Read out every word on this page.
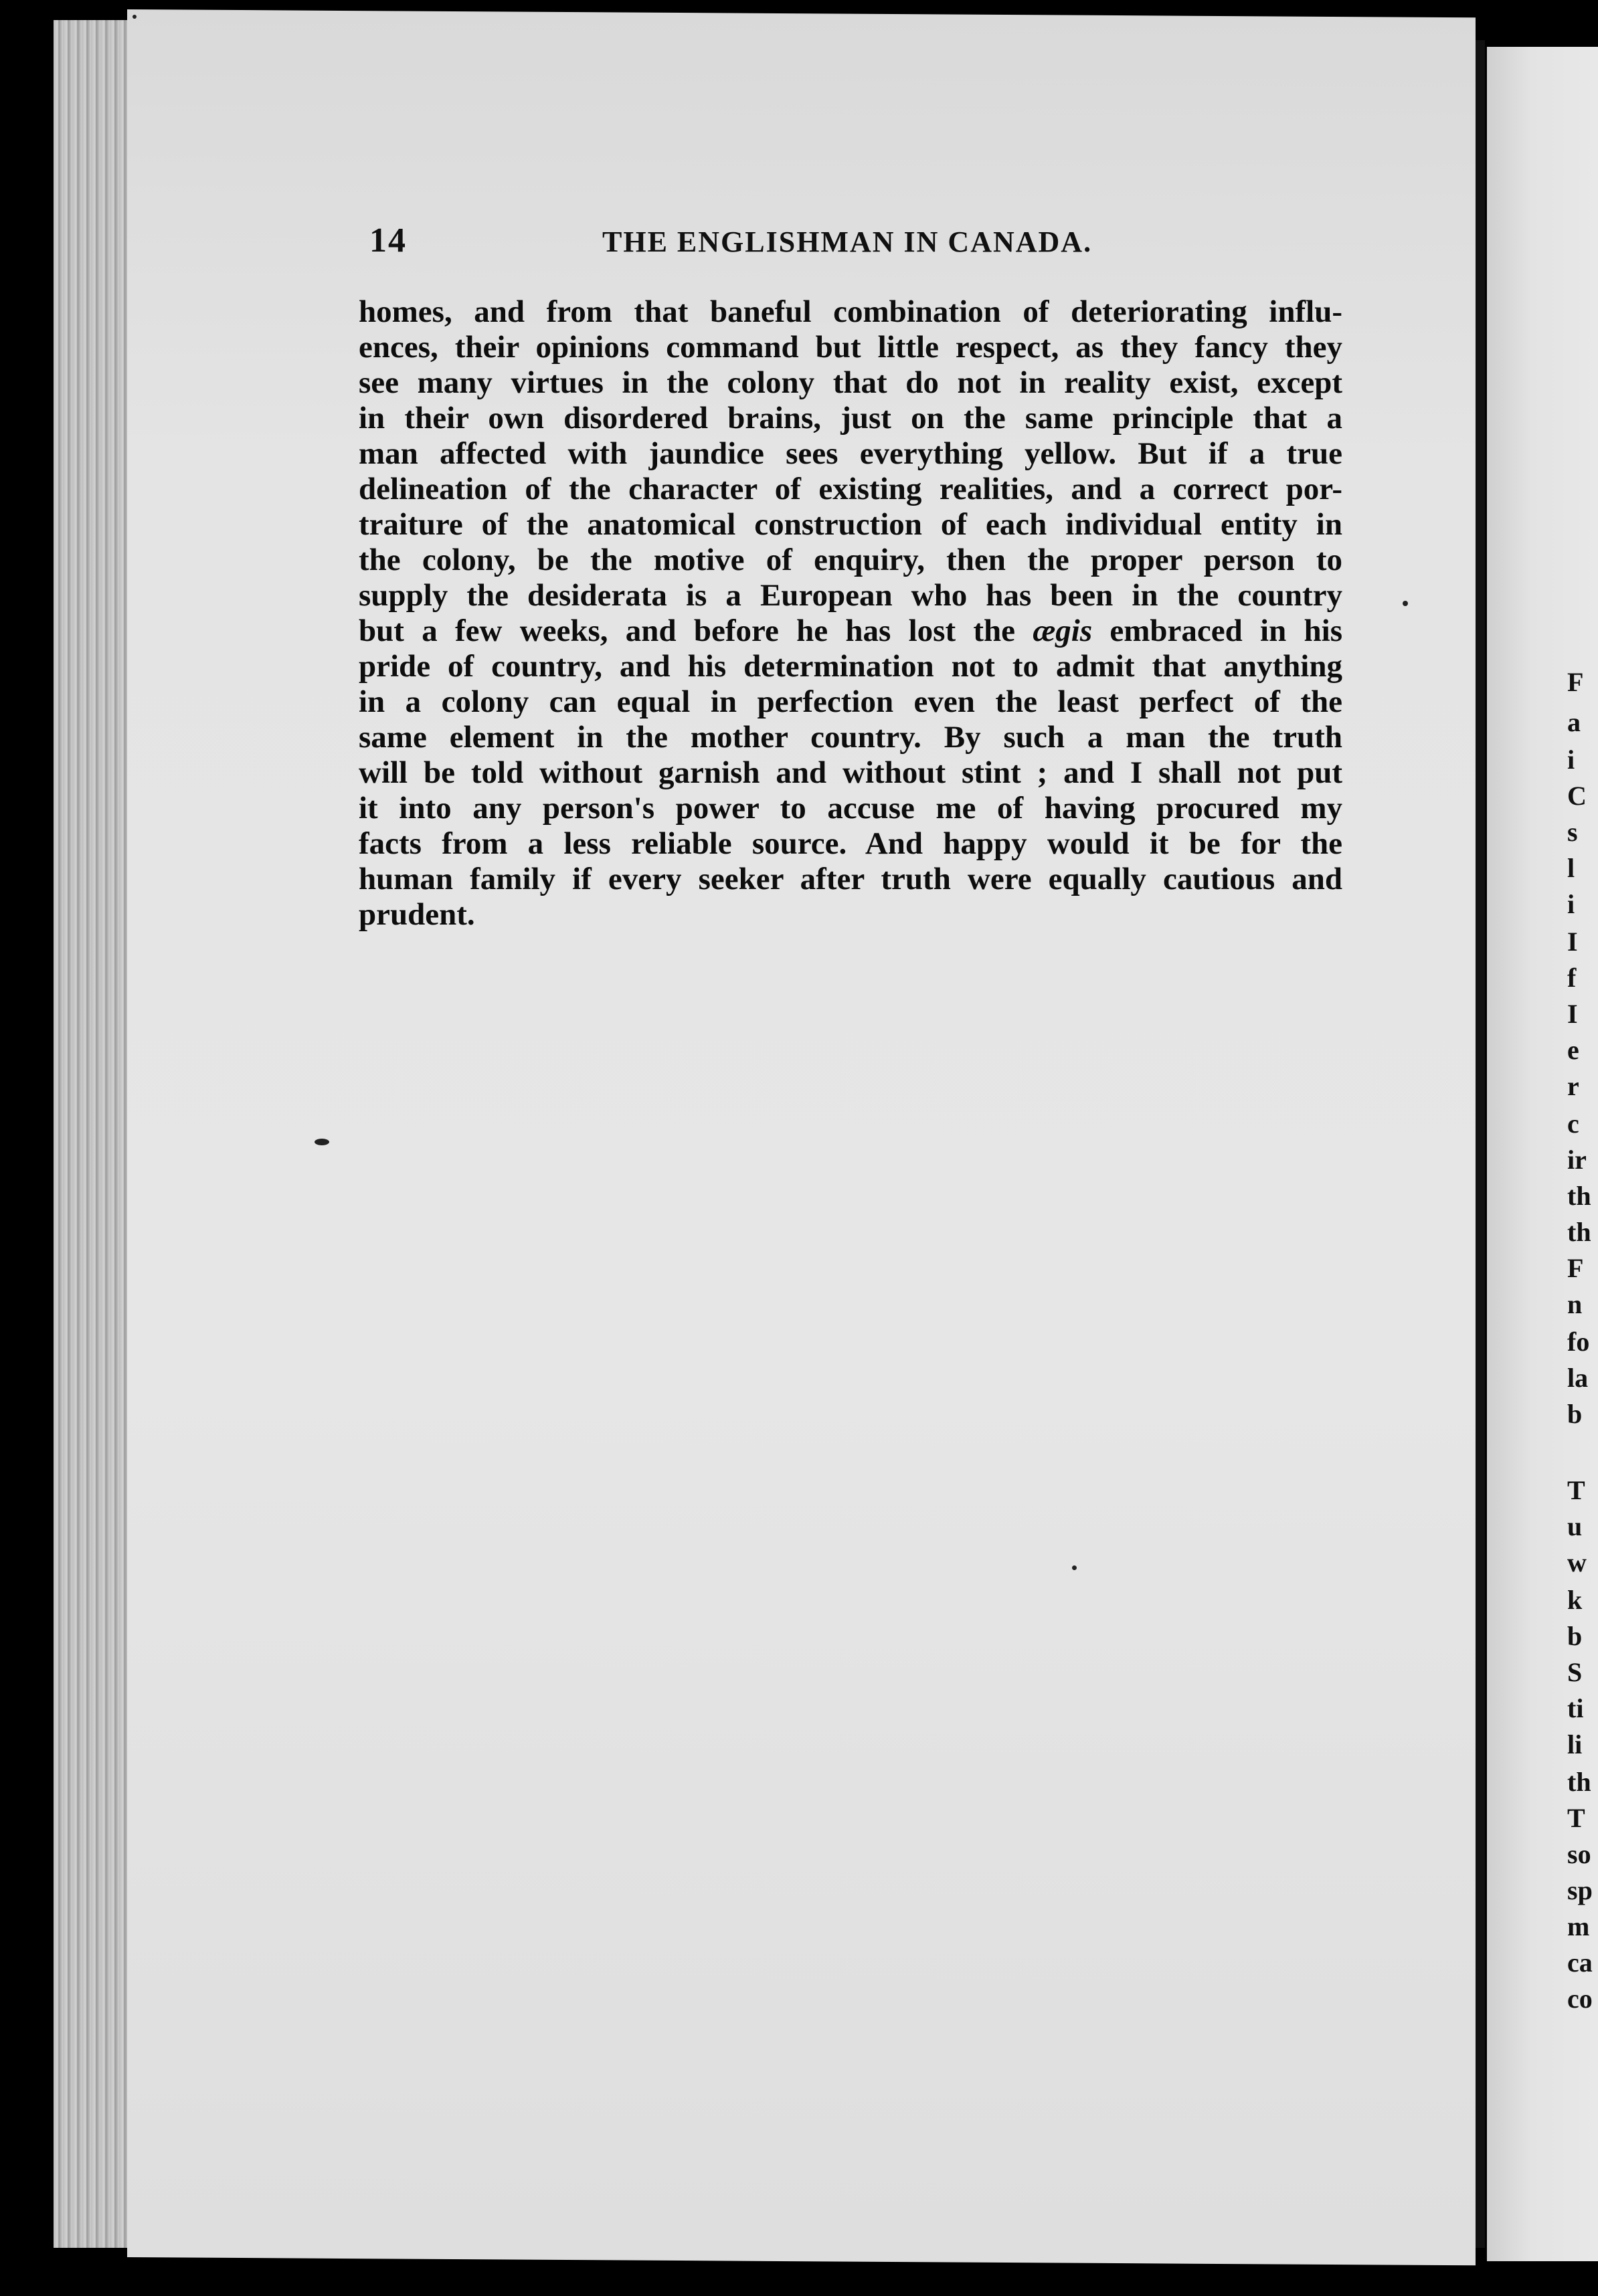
F
a
i
C
s
l
i
I
f
I
e
r
c
ir
th
th
F
n
fo
la
b
T
u
w
k
b
S
ti
li
th
T
so
sp
m
ca
co
14	THE ENGLISHMAN IN CANADA.
homes, and from that baneful combination of deteriorating influ-
ences, their opinions command but little respect, as they fancy they
see many virtues in the colony that do not in reality exist, except
in their own disordered brains, just on the same principle that a
man affected with jaundice sees everything yellow. But if a true
delineation of the character of existing realities, and a correct por-
traiture of the anatomical construction of each individual entity in
the colony, be the motive of enquiry, then the proper person to
supply the desiderata is a European who has been in the country
but a few weeks, and before he has lost the ægis embraced in his
pride of country, and his determination not to admit that anything
in a colony can equal in perfection even the least perfect of the
same element in the mother country. By such a man the truth
will be told without garnish and without stint ; and I shall not put
it into any person's power to accuse me of having procured my
facts from a less reliable source. And happy would it be for the
human family if every seeker after truth were equally cautious and
prudent.
